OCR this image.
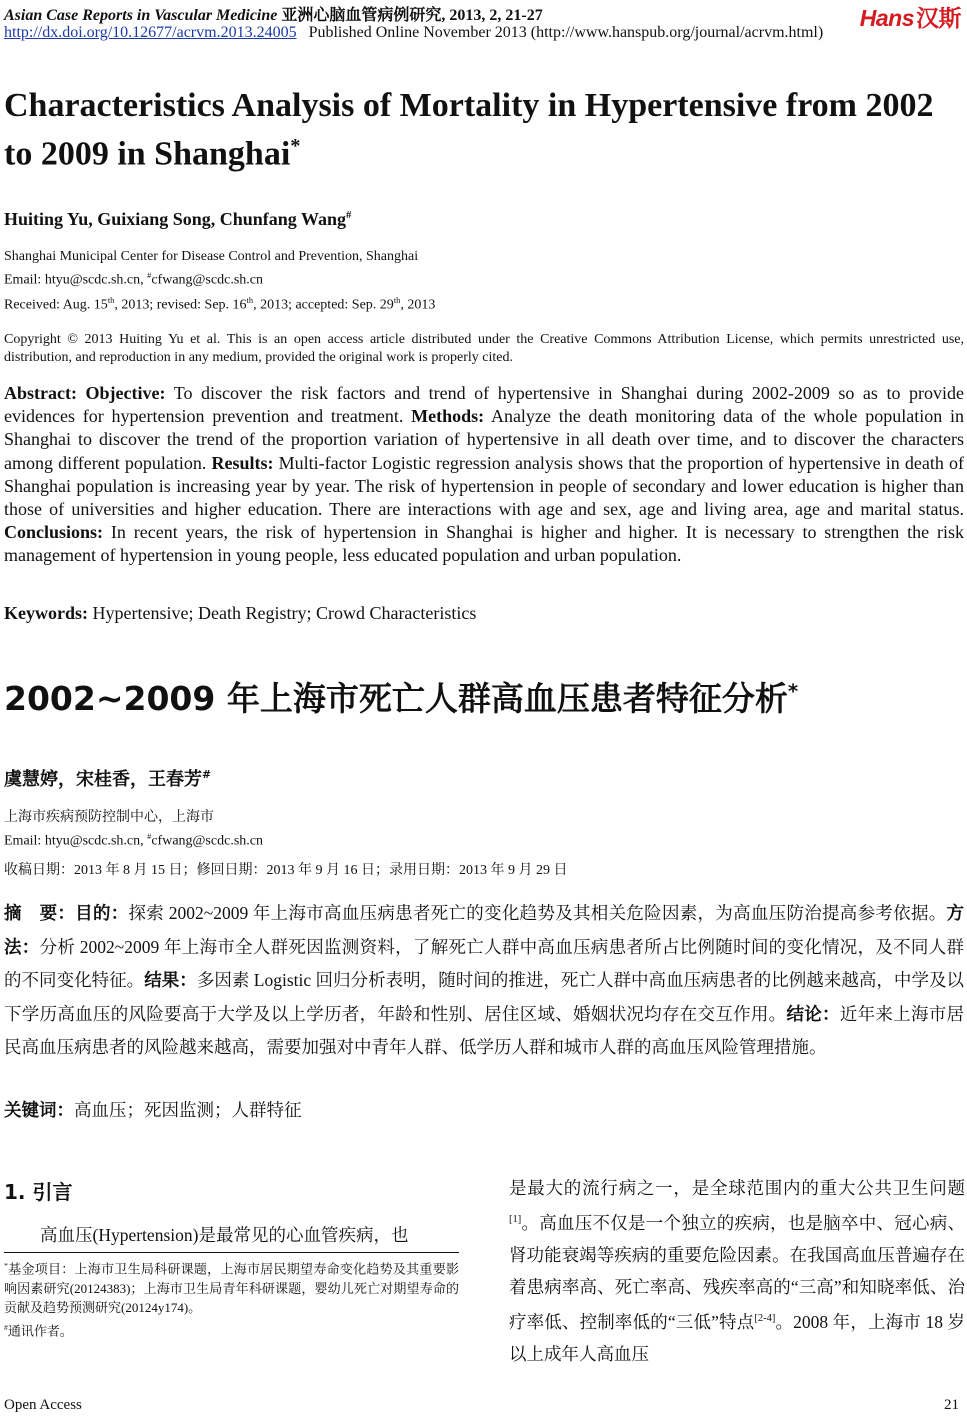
Asian Case Reports in Vascular Medicine 亚洲心脑血管病例研究, 2013, 2, 21-27	Hans汉斯
http://dx.doi.org/10.12677/acrvm.2013.24005 Published Online November 2013 (http://www.hanspub.org/journal/acrvm.html)
Characteristics Analysis of Mortality in Hypertensive from 2002 to 2009 in Shanghai*
Huiting Yu, Guixiang Song, Chunfang Wang#
Shanghai Municipal Center for Disease Control and Prevention, Shanghai
Email: htyu@scdc.sh.cn, #cfwang@scdc.sh.cn
Received: Aug. 15th, 2013; revised: Sep. 16th, 2013; accepted: Sep. 29th, 2013
Copyright © 2013 Huiting Yu et al. This is an open access article distributed under the Creative Commons Attribution License, which permits unrestricted use, distribution, and reproduction in any medium, provided the original work is properly cited.
Abstract: Objective: To discover the risk factors and trend of hypertensive in Shanghai during 2002-2009 so as to provide evidences for hypertension prevention and treatment. Methods: Analyze the death monitoring data of the whole population in Shanghai to discover the trend of the proportion variation of hypertensive in all death over time, and to discover the characters among different population. Results: Multi-factor Logistic regression analysis shows that the proportion of hypertensive in death of Shanghai population is increasing year by year. The risk of hypertension in people of secondary and lower education is higher than those of universities and higher education. There are interactions with age and sex, age and living area, age and marital status. Conclusions: In recent years, the risk of hypertension in Shanghai is higher and higher. It is necessary to strengthen the risk management of hypertension in young people, less educated population and urban population.
Keywords: Hypertensive; Death Registry; Crowd Characteristics
2002~2009 年上海市死亡人群高血压患者特征分析*
虞慧婷，宋桂香，王春芳#
上海市疾病预防控制中心，上海市
Email: htyu@scdc.sh.cn, #cfwang@scdc.sh.cn
收稿日期：2013 年 8 月 15 日；修回日期：2013 年 9 月 16 日；录用日期：2013 年 9 月 29 日
摘　要：目的：探索 2002~2009 年上海市高血压病患者死亡的变化趋势及其相关危险因素，为高血压防治提高参考依据。方法：分析 2002~2009 年上海市全人群死因监测资料，了解死亡人群中高血压病患者所占比例随时间的变化情况，及不同人群的不同变化特征。结果：多因素 Logistic 回归分析表明，随时间的推进，死亡人群中高血压病患者的比例越来越高，中学及以下学历高血压的风险要高于大学及以上学历者，年龄和性别、居住区域、婚姻状况均存在交互作用。结论：近年来上海市居民高血压病患者的风险越来越高，需要加强对中青年人群、低学历人群和城市人群的高血压风险管理措施。
关键词：高血压；死因监测；人群特征
1. 引言
高血压(Hypertension)是最常见的心血管疾病，也
*基金项目：上海市卫生局科研课题，上海市居民期望寿命变化趋势及其重要影响因素研究(20124383)；上海市卫生局青年科研课题，婴幼儿死亡对期望寿命的贡献及趋势预测研究(20124y174)。
#通讯作者。
是最大的流行病之一，是全球范围内的重大公共卫生问题[1]。高血压不仅是一个独立的疾病，也是脑卒中、冠心病、肾功能衰竭等疾病的重要危险因素。在我国高血压普遍存在着患病率高、死亡率高、残疾率高的“三高”和知晓率低、治疗率低、控制率低的“三低”特点[2-4]。2008 年，上海市 18 岁以上成年人高血压
Open Access	21
